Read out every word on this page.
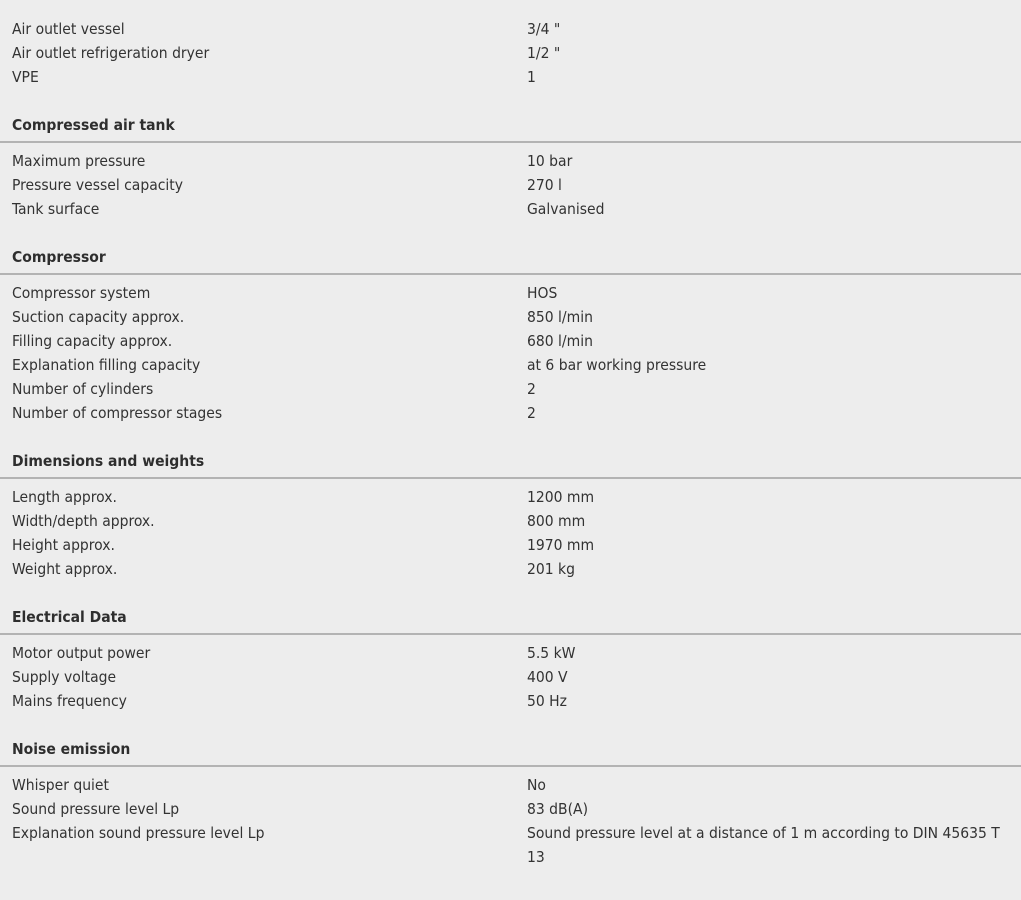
Air outlet vessel	3/4 "
Air outlet refrigeration dryer	1/2 "
VPE	1
Compressed air tank
Maximum pressure	10 bar
Pressure vessel capacity	270 l
Tank surface	Galvanised
Compressor
Compressor system	HOS
Suction capacity approx.	850 l/min
Filling capacity approx.	680 l/min
Explanation filling capacity	at 6 bar working pressure
Number of cylinders	2
Number of compressor stages	2
Dimensions and weights
Length approx.	1200 mm
Width/depth approx.	800 mm
Height approx.	1970 mm
Weight approx.	201 kg
Electrical Data
Motor output power	5.5 kW
Supply voltage	400 V
Mains frequency	50 Hz
Noise emission
Whisper quiet	No
Sound pressure level Lp	83 dB(A)
Explanation sound pressure level Lp	Sound pressure level at a distance of 1 m according to DIN 45635 T 13
